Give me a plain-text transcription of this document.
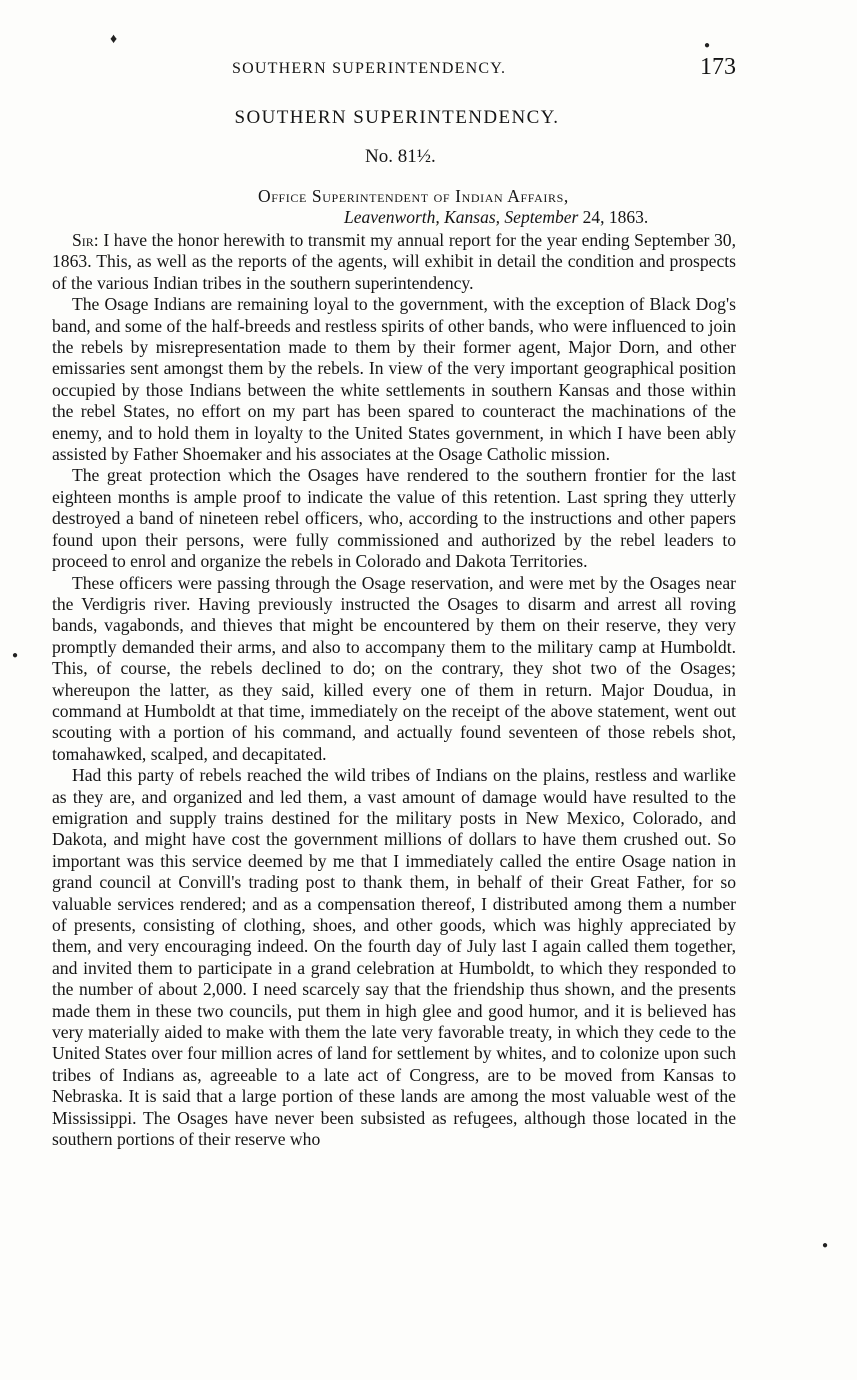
♦	●
●
●
SOUTHERN SUPERINTENDENCY.	173
SOUTHERN SUPERINTENDENCY.
No. 81½.
Office Superintendent of Indian Affairs,
Leavenworth, Kansas, September 24, 1863.

Sir: I have the honor herewith to transmit my annual report for the year ending September 30, 1863. This, as well as the reports of the agents, will exhibit in detail the condition and prospects of the various Indian tribes in the southern superintendency.

The Osage Indians are remaining loyal to the government, with the exception of Black Dog's band, and some of the half-breeds and restless spirits of other bands, who were influenced to join the rebels by misrepresentation made to them by their former agent, Major Dorn, and other emissaries sent amongst them by the rebels. In view of the very important geographical position occupied by those Indians between the white settlements in southern Kansas and those within the rebel States, no effort on my part has been spared to counteract the machinations of the enemy, and to hold them in loyalty to the United States government, in which I have been ably assisted by Father Shoemaker and his associates at the Osage Catholic mission.

The great protection which the Osages have rendered to the southern frontier for the last eighteen months is ample proof to indicate the value of this retention. Last spring they utterly destroyed a band of nineteen rebel officers, who, according to the instructions and other papers found upon their persons, were fully commissioned and authorized by the rebel leaders to proceed to enrol and organize the rebels in Colorado and Dakota Territories.

These officers were passing through the Osage reservation, and were met by the Osages near the Verdigris river. Having previously instructed the Osages to disarm and arrest all roving bands, vagabonds, and thieves that might be encountered by them on their reserve, they very promptly demanded their arms, and also to accompany them to the military camp at Humboldt. This, of course, the rebels declined to do; on the contrary, they shot two of the Osages; whereupon the latter, as they said, killed every one of them in return. Major Doudua, in command at Humboldt at that time, immediately on the receipt of the above statement, went out scouting with a portion of his command, and actually found seventeen of those rebels shot, tomahawked, scalped, and decapitated.

Had this party of rebels reached the wild tribes of Indians on the plains, restless and warlike as they are, and organized and led them, a vast amount of damage would have resulted to the emigration and supply trains destined for the military posts in New Mexico, Colorado, and Dakota, and might have cost the government millions of dollars to have them crushed out. So important was this service deemed by me that I immediately called the entire Osage nation in grand council at Convill's trading post to thank them, in behalf of their Great Father, for so valuable services rendered; and as a compensation thereof, I distributed among them a number of presents, consisting of clothing, shoes, and other goods, which was highly appreciated by them, and very encouraging indeed. On the fourth day of July last I again called them together, and invited them to participate in a grand celebration at Humboldt, to which they responded to the number of about 2,000. I need scarcely say that the friendship thus shown, and the presents made them in these two councils, put them in high glee and good humor, and it is believed has very materially aided to make with them the late very favorable treaty, in which they cede to the United States over four million acres of land for settlement by whites, and to colonize upon such tribes of Indians as, agreeable to a late act of Congress, are to be moved from Kansas to Nebraska. It is said that a large portion of these lands are among the most valuable west of the Mississippi. The Osages have never been subsisted as refugees, although those located in the southern portions of their reserve who
